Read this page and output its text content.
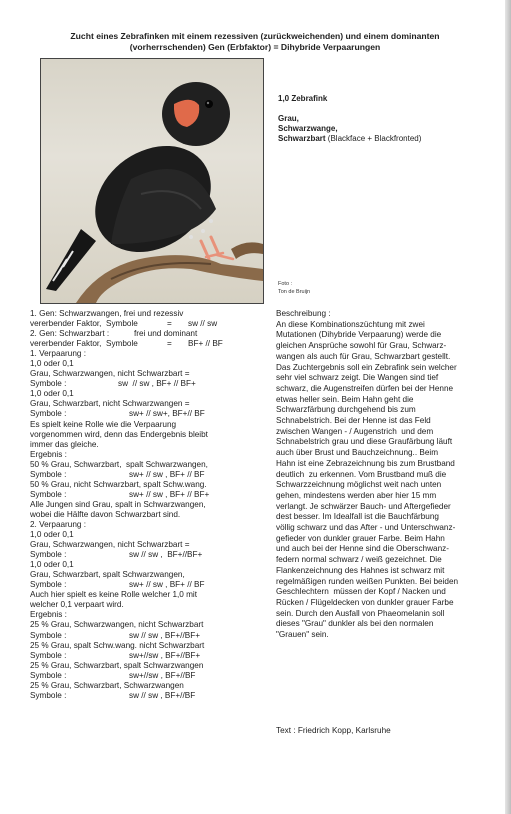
Zucht eines Zebrafinken mit einem rezessiven (zurückweichenden) und einem dominanten
(vorherrschenden) Gen (Erbfaktor) = Dihybride Verpaarungen
1,0 Zebrafink
Grau,
Schwarzwange,
Schwarzbart (Blackface + Blackfronted)
Foto :
Ton de Bruijn
1. Gen: Schwarzwangen, frei und rezessiv
vererbender Faktor,  Symbole	= sw // sw
2. Gen: Schwarzbart :	frei und dominant
vererbender Faktor,  Symbole	= BF+ // BF
1. Verpaarung :
1,0 oder 0,1
Grau, Schwarzwangen, nicht Schwarzbart =
Symbole :	sw  // sw , BF+ // BF+
1,0 oder 0,1
Grau, Schwarzbart, nicht Schwarzwangen =
Symbole :	sw+ // sw+, BF+// BF
Es spielt keine Rolle wie die Verpaarung
vorgenommen wird, denn das Endergebnis bleibt
immer das gleiche.
Ergebnis :
50 % Grau, Schwarzbart,  spalt Schwarzwangen,
Symbole :	sw+ // sw , BF+ // BF
50 % Grau, nicht Schwarzbart, spalt Schw.wang.
Symbole :	sw+ // sw , BF+ // BF+
Alle Jungen sind Grau, spalt in Schwarzwangen,
wobei die Hälfte davon Schwarzbart sind.
2. Verpaarung :
1,0 oder 0,1
Grau, Schwarzwangen, nicht Schwarzbart =
Symbole :	sw // sw ,  BF+//BF+
1,0 oder 0,1
Grau, Schwarzbart, spalt Schwarzwangen,
Symbole :	sw+ // sw , BF+ // BF
Auch hier spielt es keine Rolle welcher 1,0 mit
welcher 0,1 verpaart wird.
Ergebnis :
25 % Grau, Schwarzwangen, nicht Schwarzbart
Symbole :	sw // sw , BF+//BF+
25 % Grau, spalt Schw.wang. nicht Schwarzbart
Symbole :	sw+//sw , BF+//BF+
25 % Grau, Schwarzbart, spalt Schwarzwangen
Symbole :	sw+//sw , BF+//BF
25 % Grau, Schwarzbart, Schwarzwangen
Symbole :	sw // sw , BF+//BF
Beschreibung :
An diese Kombinationszüchtung mit zwei
Mutationen (Dihybride Verpaarung) werde die
gleichen Ansprüche sowohl für Grau, Schwarz-
wangen als auch für Grau, Schwarzbart gestellt.
Das Zuchtergebnis soll ein Zebrafink sein welcher
sehr viel schwarz zeigt. Die Wangen sind tief
schwarz, die Augenstreifen dürfen bei der Henne
etwas heller sein. Beim Hahn geht die
Schwarzfärbung durchgehend bis zum
Schnabelstrich. Bei der Henne ist das Feld
zwischen Wangen - / Augenstrich  und dem
Schnabelstrich grau und diese Graufärbung läuft
auch über Brust und Bauchzeichnung.. Beim
Hahn ist eine Zebrazeichnung bis zum Brustband
deutlich  zu erkennen. Vom Brustband muß die
Schwarzzeichnung möglichst weit nach unten
gehen, mindestens werden aber hier 15 mm
verlangt. Je schwärzer Bauch- und Aftergefieder
dest besser. Im Idealfall ist die Bauchfärbung
völlig schwarz und das After - und Unterschwanz-
gefieder von dunkler grauer Farbe. Beim Hahn
und auch bei der Henne sind die Oberschwanz-
federn normal schwarz / weiß gezeichnet. Die
Flankenzeichnung des Hahnes ist schwarz mit
regelmäßigen runden weißen Punkten. Bei beiden
Geschlechtern  müssen der Kopf / Nacken und
Rücken / Flügeldecken von dunkler grauer Farbe
sein. Durch den Ausfall von Phaeomelanin soll
dieses "Grau" dunkler als bei den normalen
"Grauen" sein.
Text : Friedrich Kopp, Karlsruhe
